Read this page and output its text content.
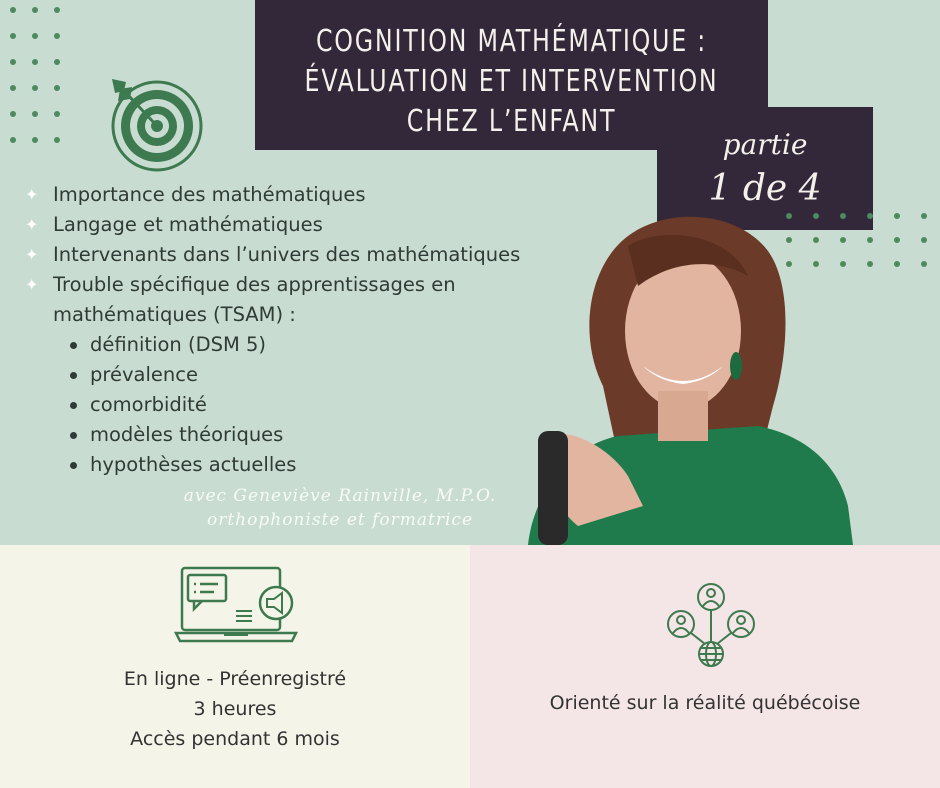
COGNITION MATHÉMATIQUE :
ÉVALUATION ET INTERVENTION
CHEZ L’ENFANT
partie
1 de 4
✦ Importance des mathématiques
✦ Langage et mathématiques
✦ Intervenants dans l’univers des mathématiques
✦ Trouble spécifique des apprentissages en mathématiques (TSAM) :
définition (DSM 5)
prévalence
comorbidité
modèles théoriques
hypothèses actuelles
avec Geneviève Rainville, M.P.O.
orthophoniste et formatrice
En ligne - Préenregistré
3 heures
Accès pendant 6 mois
Orienté sur la réalité québécoise
